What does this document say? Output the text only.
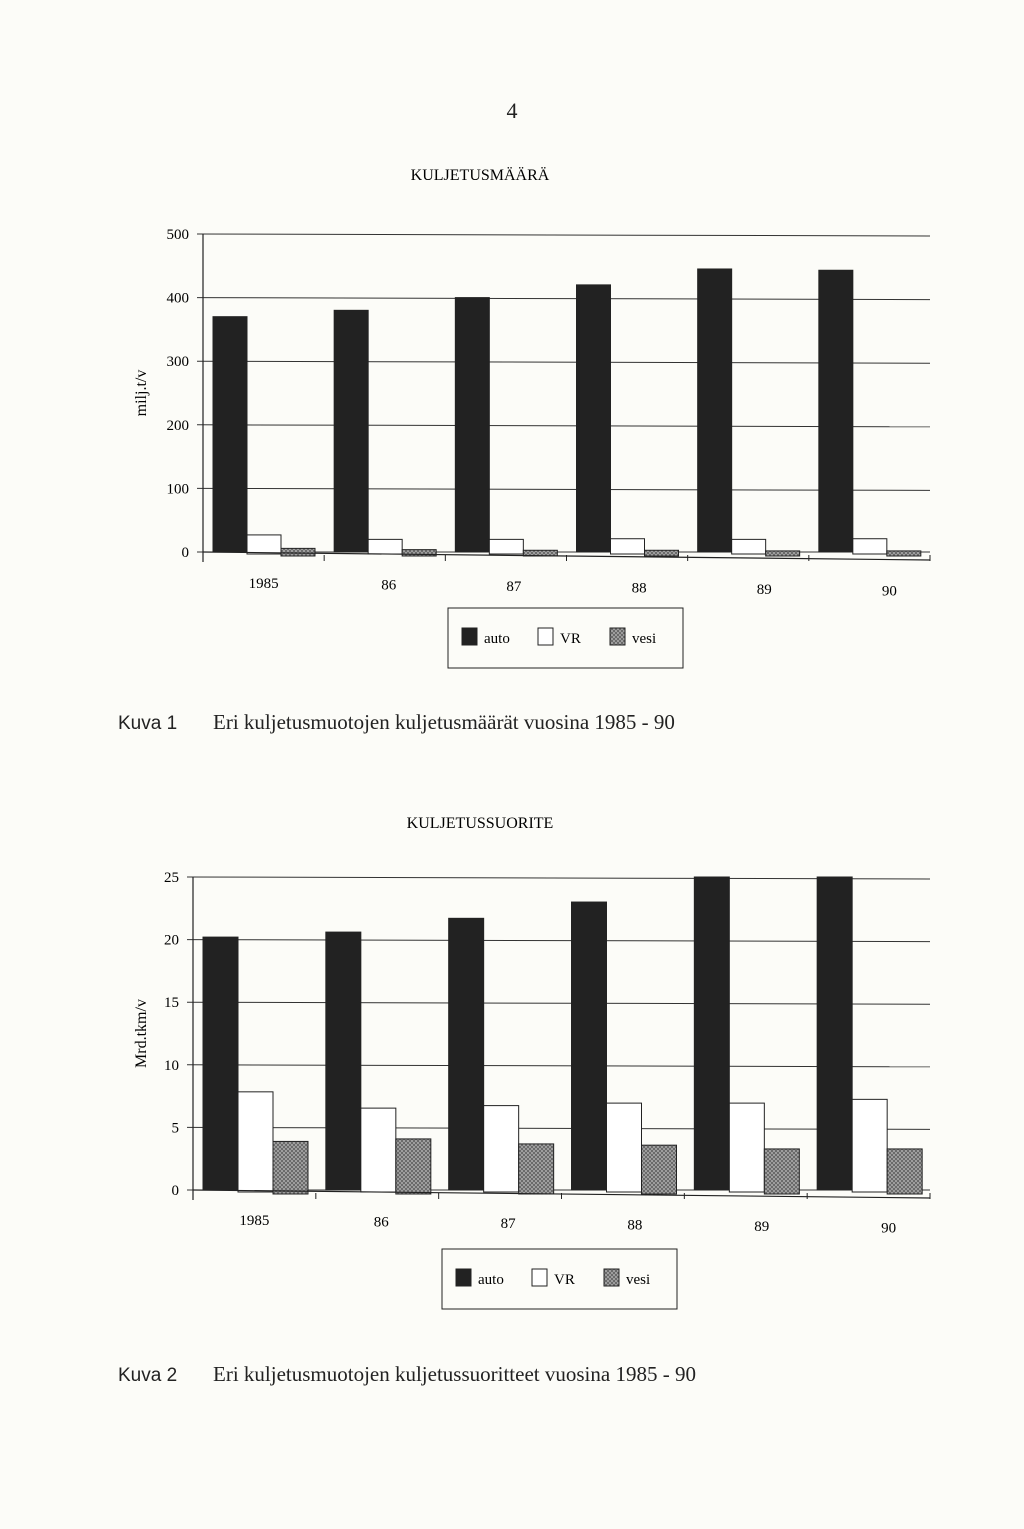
4
KULJETUSMÄÄRÄ
0
100
200
300
400
500
milj.t/v
1985	86	87	88	89	90
auto	VR	vesi
Kuva 1 Eri kuljetusmuotojen kuljetusmäärät vuosina 1985 - 90
KULJETUSSUORITE
0
5
10
15
20
25
Mrd.tkm/v
1985	86	87	88	89	90
auto	VR	vesi
Kuva 2 Eri kuljetusmuotojen kuljetussuoritteet vuosina 1985 - 90
